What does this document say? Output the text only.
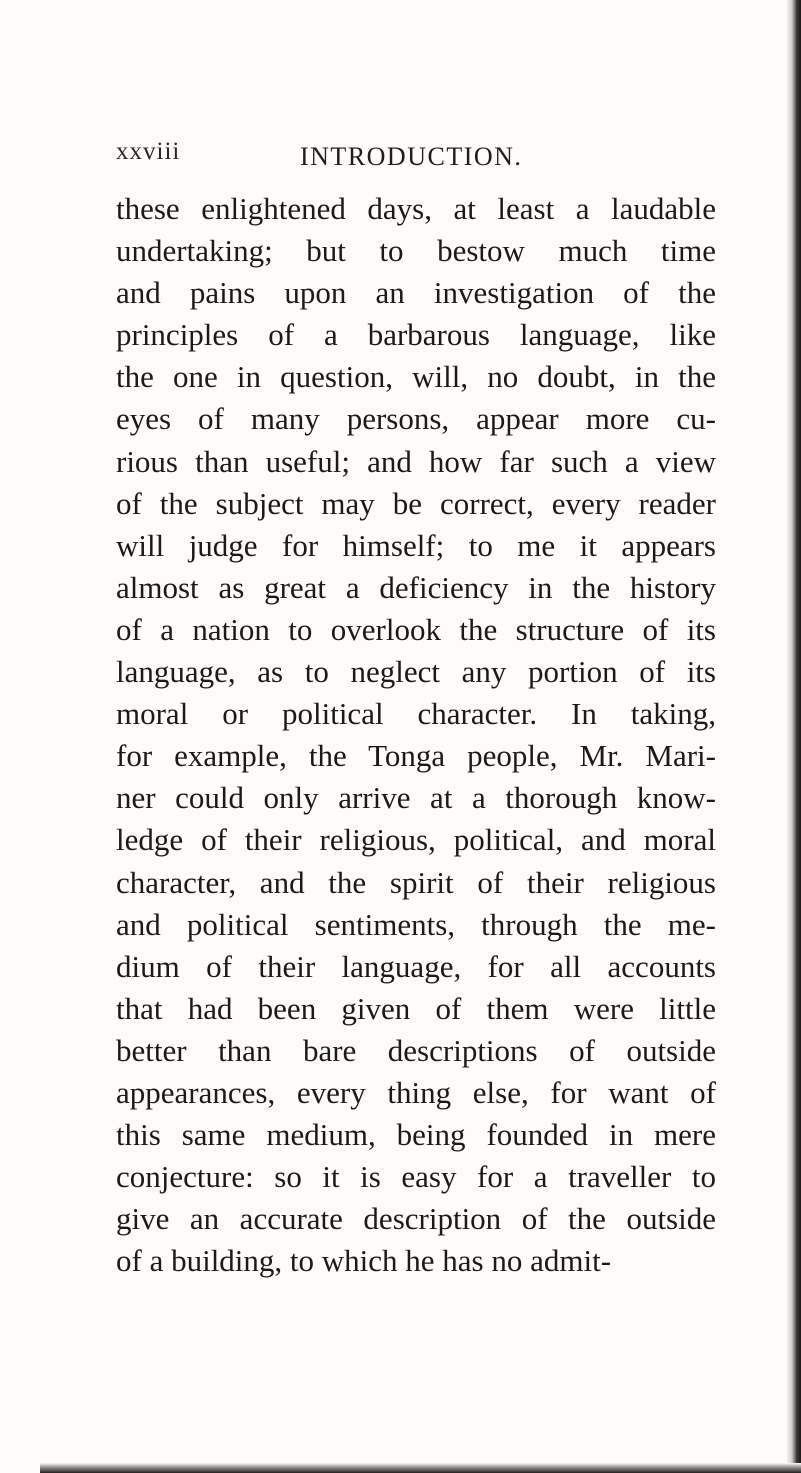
xxviii	INTRODUCTION.
these enlightened days, at least a laudable
undertaking; but to bestow much time
and pains upon an investigation of the
principles of a barbarous language, like
the one in question, will, no doubt, in the
eyes of many persons, appear more cu-
rious than useful; and how far such a view
of the subject may be correct, every reader
will judge for himself; to me it appears
almost as great a deficiency in the history
of a nation to overlook the structure of its
language, as to neglect any portion of its
moral or political character. In taking,
for example, the Tonga people, Mr. Mari-
ner could only arrive at a thorough know-
ledge of their religious, political, and moral
character, and the spirit of their religious
and political sentiments, through the me-
dium of their language, for all accounts
that had been given of them were little
better than bare descriptions of outside
appearances, every thing else, for want of
this same medium, being founded in mere
conjecture: so it is easy for a traveller to
give an accurate description of the outside
of a building, to which he has no admit-
